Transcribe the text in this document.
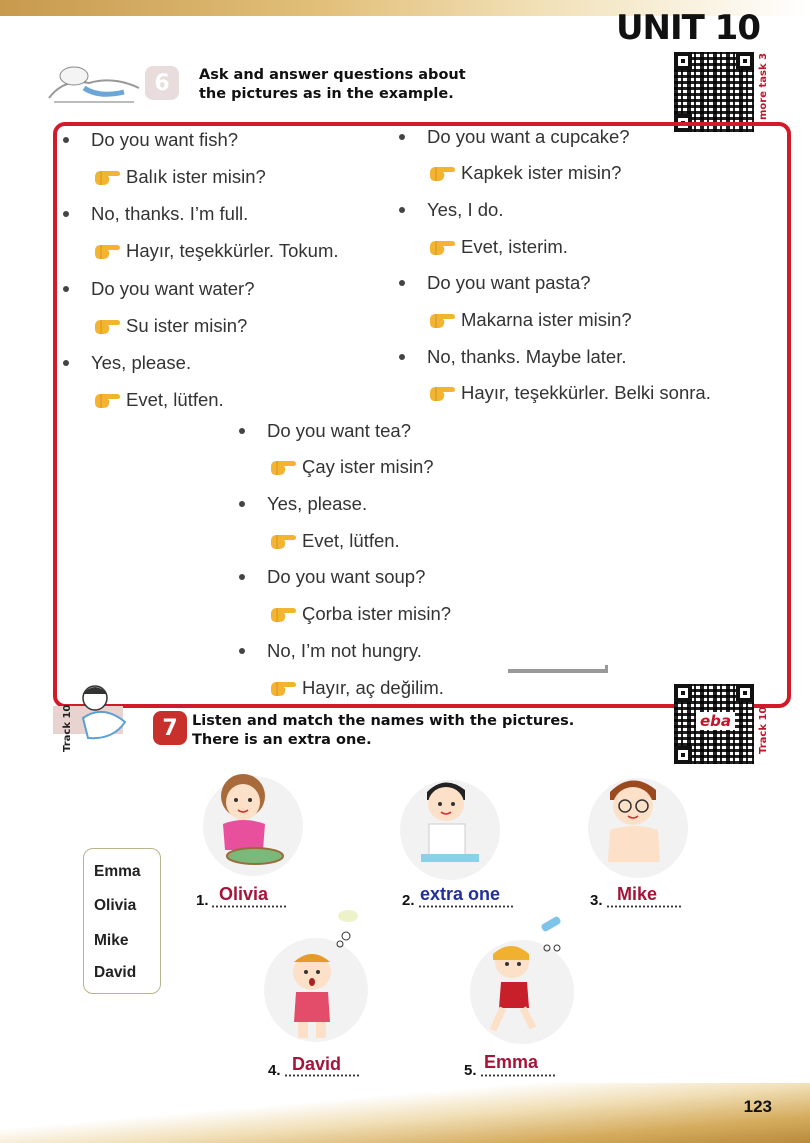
UNIT 10
6	Ask and answer questions about
the pictures as in the example.	more task 3
Do you want fish?
Balık ister misin?
No, thanks. I’m full.
Hayır, teşekkürler. Tokum.
Do you want water?
Su ister misin?
Yes, please.
Evet, lütfen.
Do you want a cupcake?
Kapkek ister misin?
Yes, I do.
Evet, isterim.
Do you want pasta?
Makarna ister misin?
No, thanks. Maybe later.
Hayır, teşekkürler. Belki sonra.
Do you want tea?
Çay ister misin?
Yes, please.
Evet, lütfen.
Do you want soup?
Çorba ister misin?
No, I’m not hungry.
Hayır, aç değilim.
Track 10	7 Listen and match the names with the pictures.
There is an extra one.
eba	Track 10
Emma
Olivia
Mike
David
1. Olivia	2. extra one	3. Mike
4. David	5. Emma
123
